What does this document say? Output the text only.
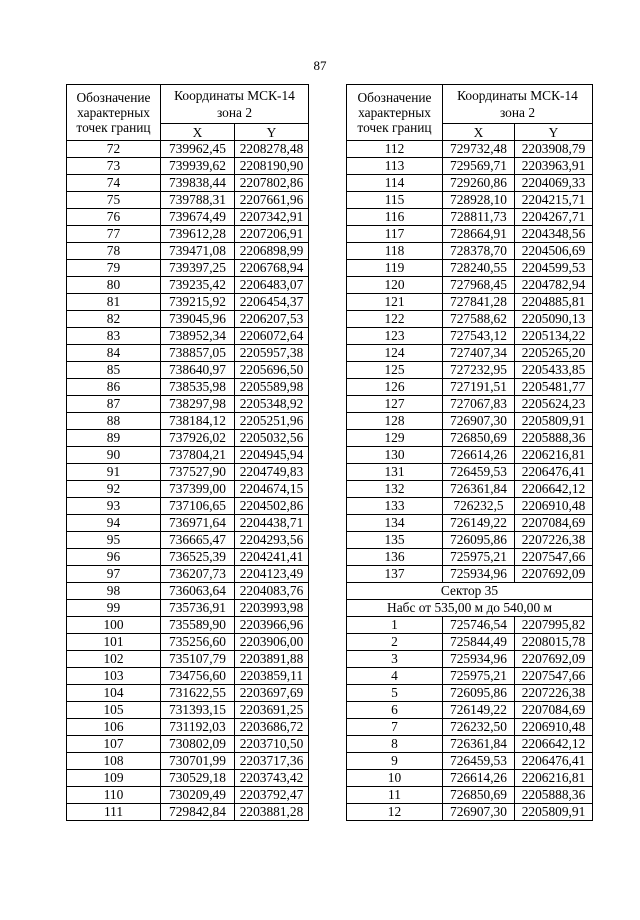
87
Обозначение характерных точек границ	Координаты МСК-14 зона 2	
	X	Y
72	739962,45	2208278,48
73	739939,62	2208190,90
74	739838,44	2207802,86
75	739788,31	2207661,96
76	739674,49	2207342,91
77	739612,28	2207206,91
78	739471,08	2206898,99
79	739397,25	2206768,94
80	739235,42	2206483,07
81	739215,92	2206454,37
82	739045,96	2206207,53
83	738952,34	2206072,64
84	738857,05	2205957,38
85	738640,97	2205696,50
86	738535,98	2205589,98
87	738297,98	2205348,92
88	738184,12	2205251,96
89	737926,02	2205032,56
90	737804,21	2204945,94
91	737527,90	2204749,83
92	737399,00	2204674,15
93	737106,65	2204502,86
94	736971,64	2204438,71
95	736665,47	2204293,56
96	736525,39	2204241,41
97	736207,73	2204123,49
98	736063,64	2204083,76
99	735736,91	2203993,98
100	735589,90	2203966,96
101	735256,60	2203906,00
102	735107,79	2203891,88
103	734756,60	2203859,11
104	731622,55	2203697,69
105	731393,15	2203691,25
106	731192,03	2203686,72
107	730802,09	2203710,50
108	730701,99	2203717,36
109	730529,18	2203743,42
110	730209,49	2203792,47
111	729842,84	2203881,28
Обозначение характерных точек границ	Координаты МСК-14 зона 2	
	X	Y
112	729732,48	2203908,79
113	729569,71	2203963,91
114	729260,86	2204069,33
115	728928,10	2204215,71
116	728811,73	2204267,71
117	728664,91	2204348,56
118	728378,70	2204506,69
119	728240,55	2204599,53
120	727968,45	2204782,94
121	727841,28	2204885,81
122	727588,62	2205090,13
123	727543,12	2205134,22
124	727407,34	2205265,20
125	727232,95	2205433,85
126	727191,51	2205481,77
127	727067,83	2205624,23
128	726907,30	2205809,91
129	726850,69	2205888,36
130	726614,26	2206216,81
131	726459,53	2206476,41
132	726361,84	2206642,12
133	726232,5	2206910,48
134	726149,22	2207084,69
135	726095,86	2207226,38
136	725975,21	2207547,66
137	725934,96	2207692,09
Сектор 35		
Набс от 535,00 м до 540,00 м		
1	725746,54	2207995,82
2	725844,49	2208015,78
3	725934,96	2207692,09
4	725975,21	2207547,66
5	726095,86	2207226,38
6	726149,22	2207084,69
7	726232,50	2206910,48
8	726361,84	2206642,12
9	726459,53	2206476,41
10	726614,26	2206216,81
11	726850,69	2205888,36
12	726907,30	2205809,91
